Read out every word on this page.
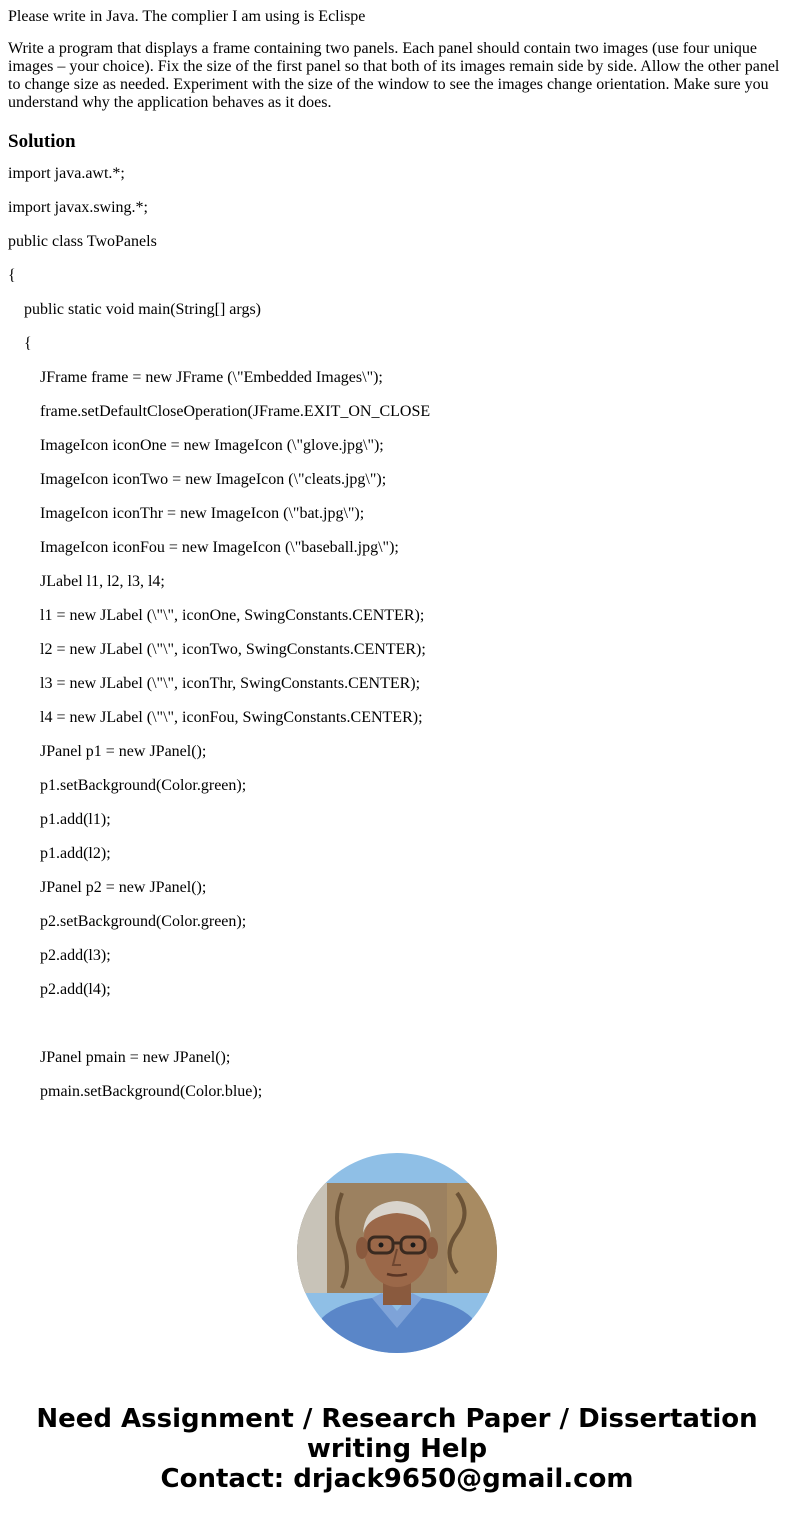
Please write in Java. The complier I am using is Eclispe

Write a program that displays a frame containing two panels. Each panel should contain two images (use four unique images – your choice). Fix the size of the first panel so that both of its images remain side by side. Allow the other panel to change size as needed. Experiment with the size of the window to see the images change orientation. Make sure you understand why the application behaves as it does.

Solution

import java.awt.*;

import javax.swing.*;

public class TwoPanels

{

public static void main(String[] args)

{

JFrame frame = new JFrame (\"Embedded Images\");

frame.setDefaultCloseOperation(JFrame.EXIT_ON_CLOSE

ImageIcon iconOne = new ImageIcon (\"glove.jpg\");

ImageIcon iconTwo = new ImageIcon (\"cleats.jpg\");

ImageIcon iconThr = new ImageIcon (\"bat.jpg\");

ImageIcon iconFou = new ImageIcon (\"baseball.jpg\");

JLabel l1, l2, l3, l4;

l1 = new JLabel (\"\", iconOne, SwingConstants.CENTER);

l2 = new JLabel (\"\", iconTwo, SwingConstants.CENTER);

l3 = new JLabel (\"\", iconThr, SwingConstants.CENTER);

l4 = new JLabel (\"\", iconFou, SwingConstants.CENTER);

JPanel p1 = new JPanel();

p1.setBackground(Color.green);

p1.add(l1);

p1.add(l2);

JPanel p2 = new JPanel();

p2.setBackground(Color.green);

p2.add(l3);

p2.add(l4);

JPanel pmain = new JPanel();

pmain.setBackground(Color.blue);

Need Assignment / Research Paper / Dissertation
writing Help
Contact: drjack9650@gmail.com
